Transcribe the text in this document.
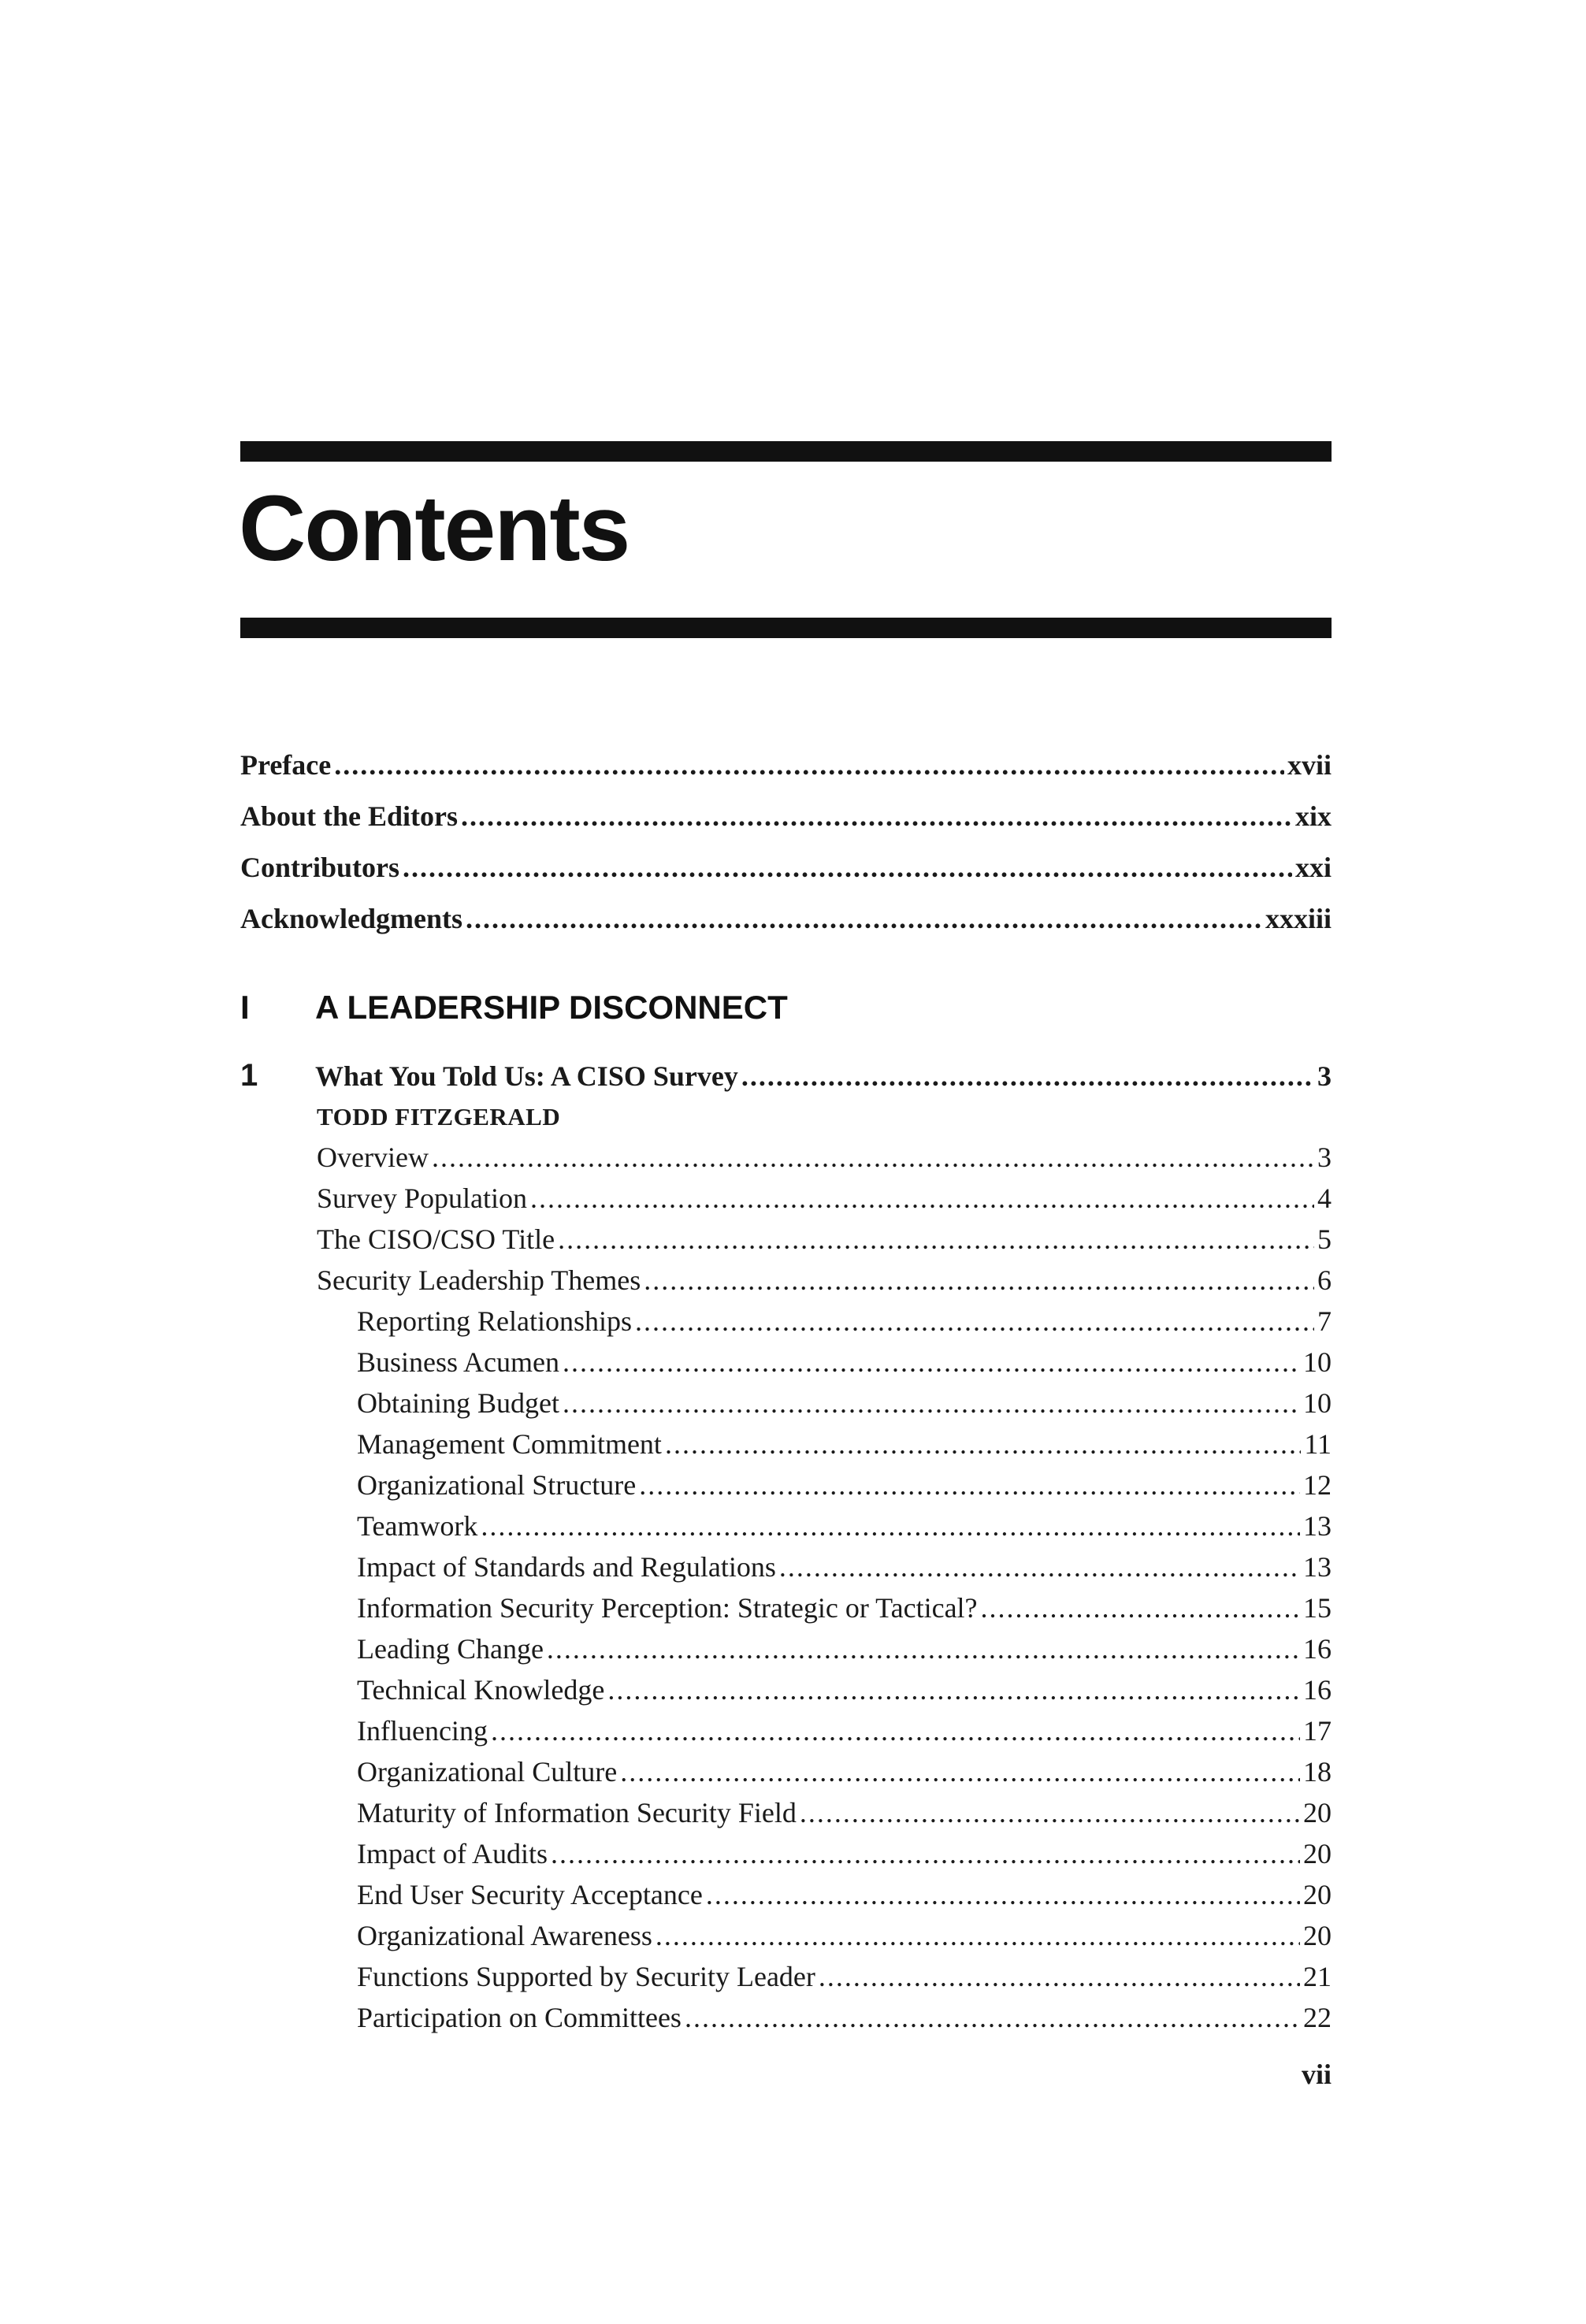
Contents
Preface .....	xvii
About the Editors .....	xix
Contributors .....	xxi
Acknowledgments .....	xxxiii
I A LEADERSHIP DISCONNECT
1 What You Told Us: A CISO Survey .....	3
TODD FITZGERALD
Overview .....	3
Survey Population .....	4
The CISO/CSO Title .....	5
Security Leadership Themes .....	6
Reporting Relationships .....	7
Business Acumen .....	10
Obtaining Budget .....	10
Management Commitment .....	11
Organizational Structure .....	12
Teamwork .....	13
Impact of Standards and Regulations .....	13
Information Security Perception: Strategic or Tactical? .....	15
Leading Change .....	16
Technical Knowledge .....	16
Influencing .....	17
Organizational Culture .....	18
Maturity of Information Security Field .....	20
Impact of Audits .....	20
End User Security Acceptance .....	20
Organizational Awareness .....	20
Functions Supported by Security Leader .....	21
Participation on Committees .....	22
vii
